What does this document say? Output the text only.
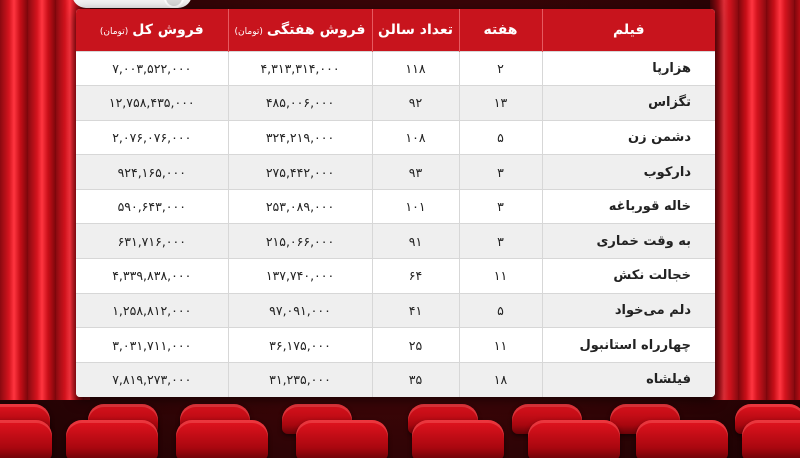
فیلم	هفته	تعداد سالن	فروش هفتگی(تومان)	فروش کل(تومان)
هزارپا	۲	۱۱۸	۴,۳۱۳,۳۱۴,۰۰۰	۷,۰۰۳,۵۲۲,۰۰۰
تگزاس	۱۳	۹۲	۴۸۵,۰۰۶,۰۰۰	۱۲,۷۵۸,۴۳۵,۰۰۰
دشمن زن	۵	۱۰۸	۳۲۴,۲۱۹,۰۰۰	۲,۰۷۶,۰۷۶,۰۰۰
دارکوب	۳	۹۳	۲۷۵,۴۴۲,۰۰۰	۹۲۴,۱۶۵,۰۰۰
خاله قورباغه	۳	۱۰۱	۲۵۳,۰۸۹,۰۰۰	۵۹۰,۶۴۳,۰۰۰
به وقت خماری	۳	۹۱	۲۱۵,۰۶۶,۰۰۰	۶۳۱,۷۱۶,۰۰۰
خجالت نکش	۱۱	۶۴	۱۳۷,۷۴۰,۰۰۰	۴,۳۳۹,۸۳۸,۰۰۰
دلم می‌خواد	۵	۴۱	۹۷,۰۹۱,۰۰۰	۱,۲۵۸,۸۱۲,۰۰۰
چهارراه استانبول	۱۱	۲۵	۳۶,۱۷۵,۰۰۰	۳,۰۳۱,۷۱۱,۰۰۰
فیلشاه	۱۸	۳۵	۳۱,۲۳۵,۰۰۰	۷,۸۱۹,۲۷۳,۰۰۰
